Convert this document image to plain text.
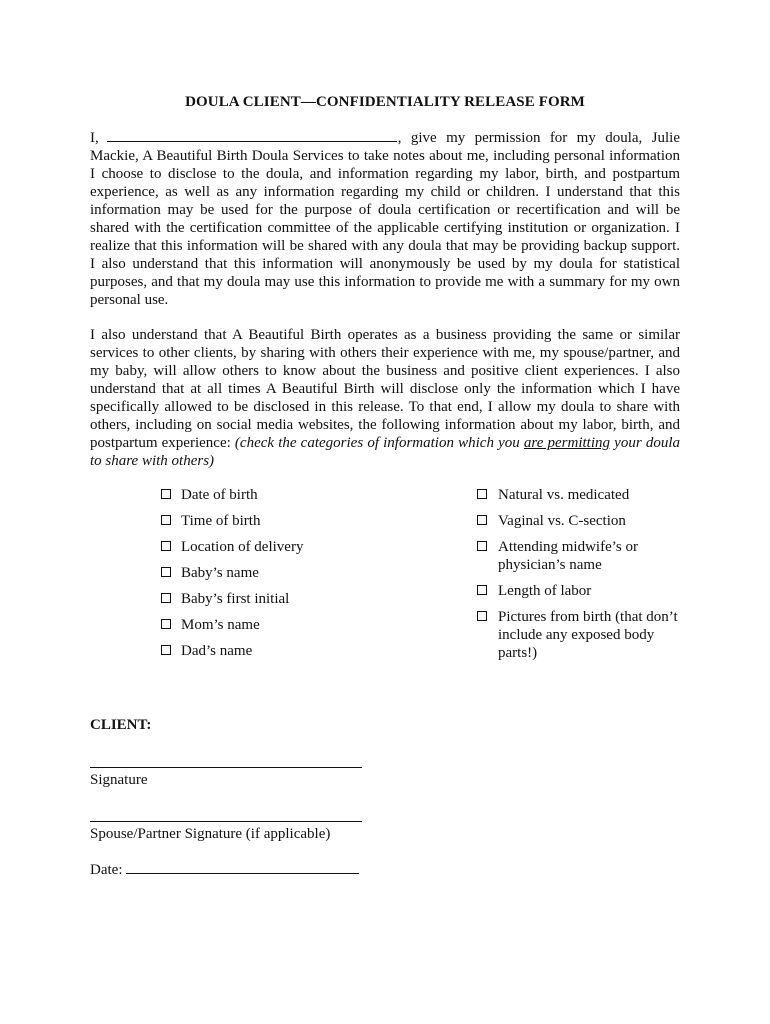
DOULA CLIENT—CONFIDENTIALITY RELEASE FORM
I,	, give my permission for my doula, Julie Mackie, A Beautiful Birth Doula Services to take notes about me, including personal information I choose to disclose to the doula, and information regarding my labor, birth, and postpartum experience, as well as any information regarding my child or children. I understand that this information may be used for the purpose of doula certification or recertification and will be shared with the certification committee of the applicable certifying institution or organization. I realize that this information will be shared with any doula that may be providing backup support. I also understand that this information will anonymously be used by my doula for statistical purposes, and that my doula may use this information to provide me with a summary for my own personal use.
I also understand that A Beautiful Birth operates as a business providing the same or similar services to other clients, by sharing with others their experience with me, my spouse/partner, and my baby, will allow others to know about the business and positive client experiences. I also understand that at all times A Beautiful Birth will disclose only the information which I have specifically allowed to be disclosed in this release. To that end, I allow my doula to share with others, including on social media websites, the following information about my labor, birth, and postpartum experience: (check the categories of information which you are permitting your doula to share with others)
Date of birth
Time of birth
Location of delivery
Baby’s name
Baby’s first initial
Mom’s name
Dad’s name
Natural vs. medicated
Vaginal vs. C-section
Attending midwife’s or physician’s name
Length of labor
Pictures from birth (that don’t include any exposed body parts!)
CLIENT:
Signature
Spouse/Partner Signature (if applicable)
Date:
